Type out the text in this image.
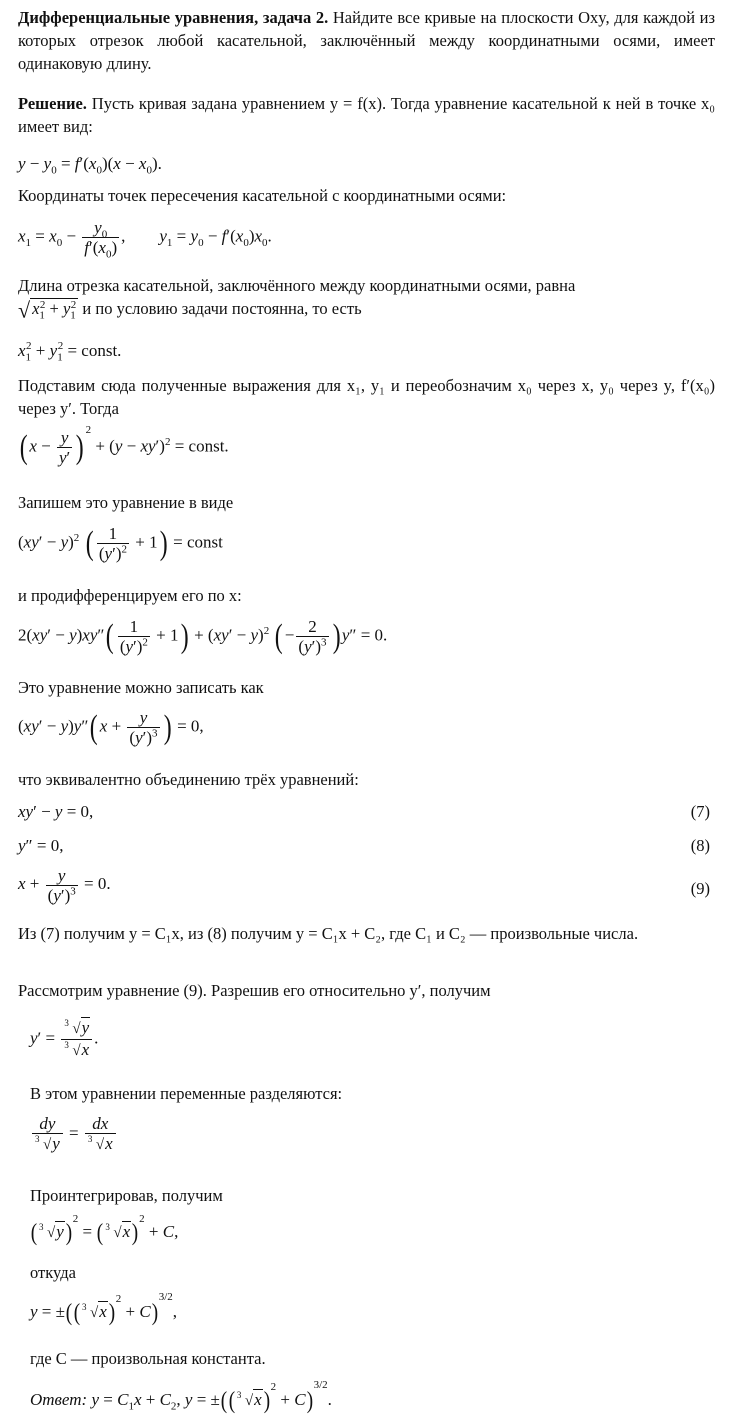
Дифференциальные уравнения, задача 2. Найдите все кривые на плоскости Oxy, для каждой из которых отрезок любой касательной, заключённый между координатными осями, имеет одинаковую длину.
Решение. Пусть кривая задана уравнением y = f(x). Тогда уравнение касательной к ней в точке x₀ имеет вид:
$y - y_0 = f'(x_0)(x - x_0)$.
Координаты точек пересечения касательной с координатными осями:
$x_1 = x_0 - \frac{y_0}{f'(x_0)}$ ,        $y_1 = y_0 - f'(x_0)x_0$.
Длина отрезка касательной, заключённого между координатными осями, равна
√ $x_1^2 + y_1^2$ и по условию задачи постоянна, то есть
$x_1^2 + y_1^2$ = const.
Подставим сюда полученные выражения для x₁, y₁ и переобозначим x₀ через x, y₀ через y, f′(x₀) через y′. Тогда
($x - \frac{y}{y'}$ ) $^2 + (y - xy')^2$ = const.
Запишем это уравнение в виде
$(xy' - y)^2$ ( $\frac{1}{(y')^2} + 1$) = const
и продифференцируем его по x:
$2(xy' - y)xy''( \frac{1}{(y')^2} + 1) + (xy' - y)^2$ (− $\frac{2}{(y')^3} )y'' = 0$.
Это уравнение можно записать как
$(xy' - y)y''(x + \frac{y}{(y')^3}$ ) = 0,
что эквивалентно объединению трёх уравнений:
xy′ − y = 0,	(7)
y″ = 0,	(8)
$x + \frac{y}{(y')^3} = 0$.	(9)
Из (7) получим y = C₁x, из (8) получим y = C₁x + C₂, где C₁ и C₂ — произвольные числа.
Рассмотрим уравнение (9). Разрешив его относительно y′, получим
$y' = \frac{3 √y}{3 √x}$ .
В этом уравнении переменные разделяются:
$\frac{dy}{3 √y} = \frac{dx}{3 √x}$
Проинтегрировав, получим
( 3 √y)$^2$ = ( 3 √x)$^2$ + C,
откуда
y = ±(( 3 √x)$^2$ + C)$^{3/2}$,
где C — произвольная константа.
Ответ: $y = C_1x + C_2$, y = ±(( 3 √x)$^2$ + C)$^{3/2}$.
